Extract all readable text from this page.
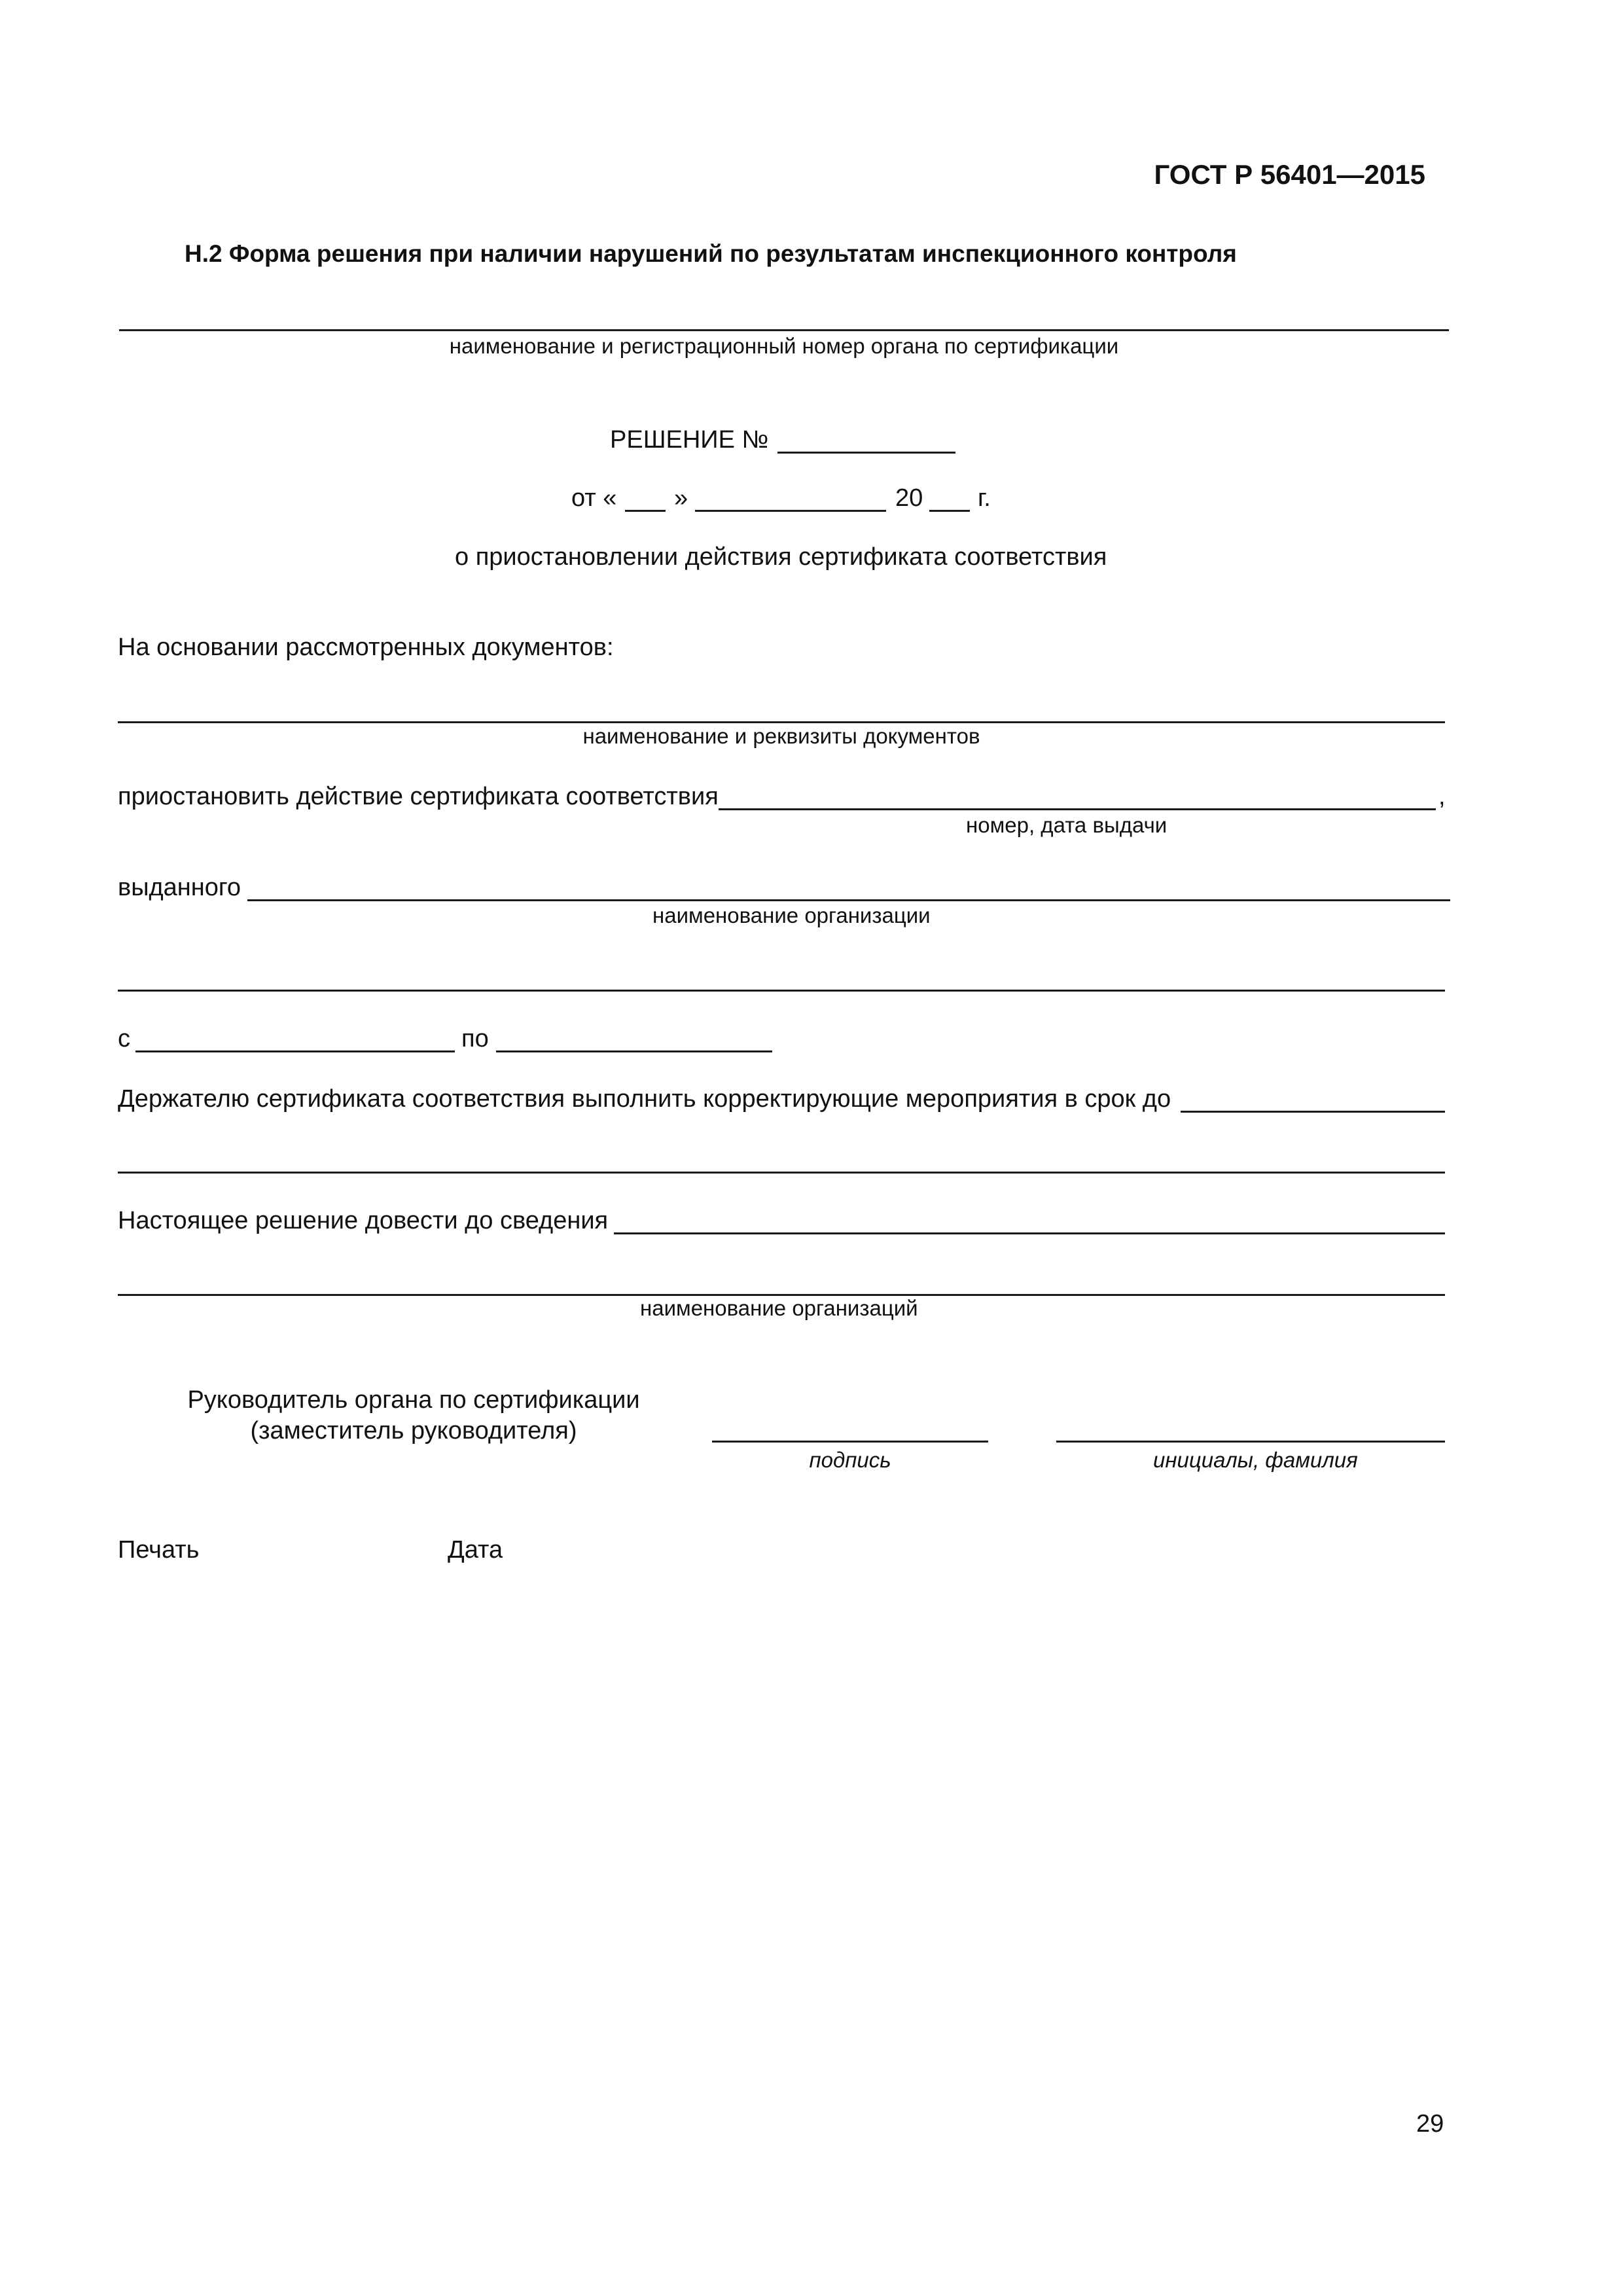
ГОСТ Р 56401—2015
Н.2 Форма решения при наличии нарушений по результатам инспекционного контроля
наименование и регистрационный номер органа по сертификации
РЕШЕНИЕ №
от « »	20 г.
о приостановлении действия сертификата соответствия
На основании рассмотренных документов:
наименование и реквизиты документов
приостановить действие сертификата соответствия	,
номер, дата выдачи
выданного
наименование организации
с	по
Держателю сертификата соответствия выполнить корректирующие мероприятия в срок до
Настоящее решение довести до сведения
наименование организаций
Руководитель органа по сертификации
(заместитель руководителя)
подпись	инициалы, фамилия
Печать	Дата
29
